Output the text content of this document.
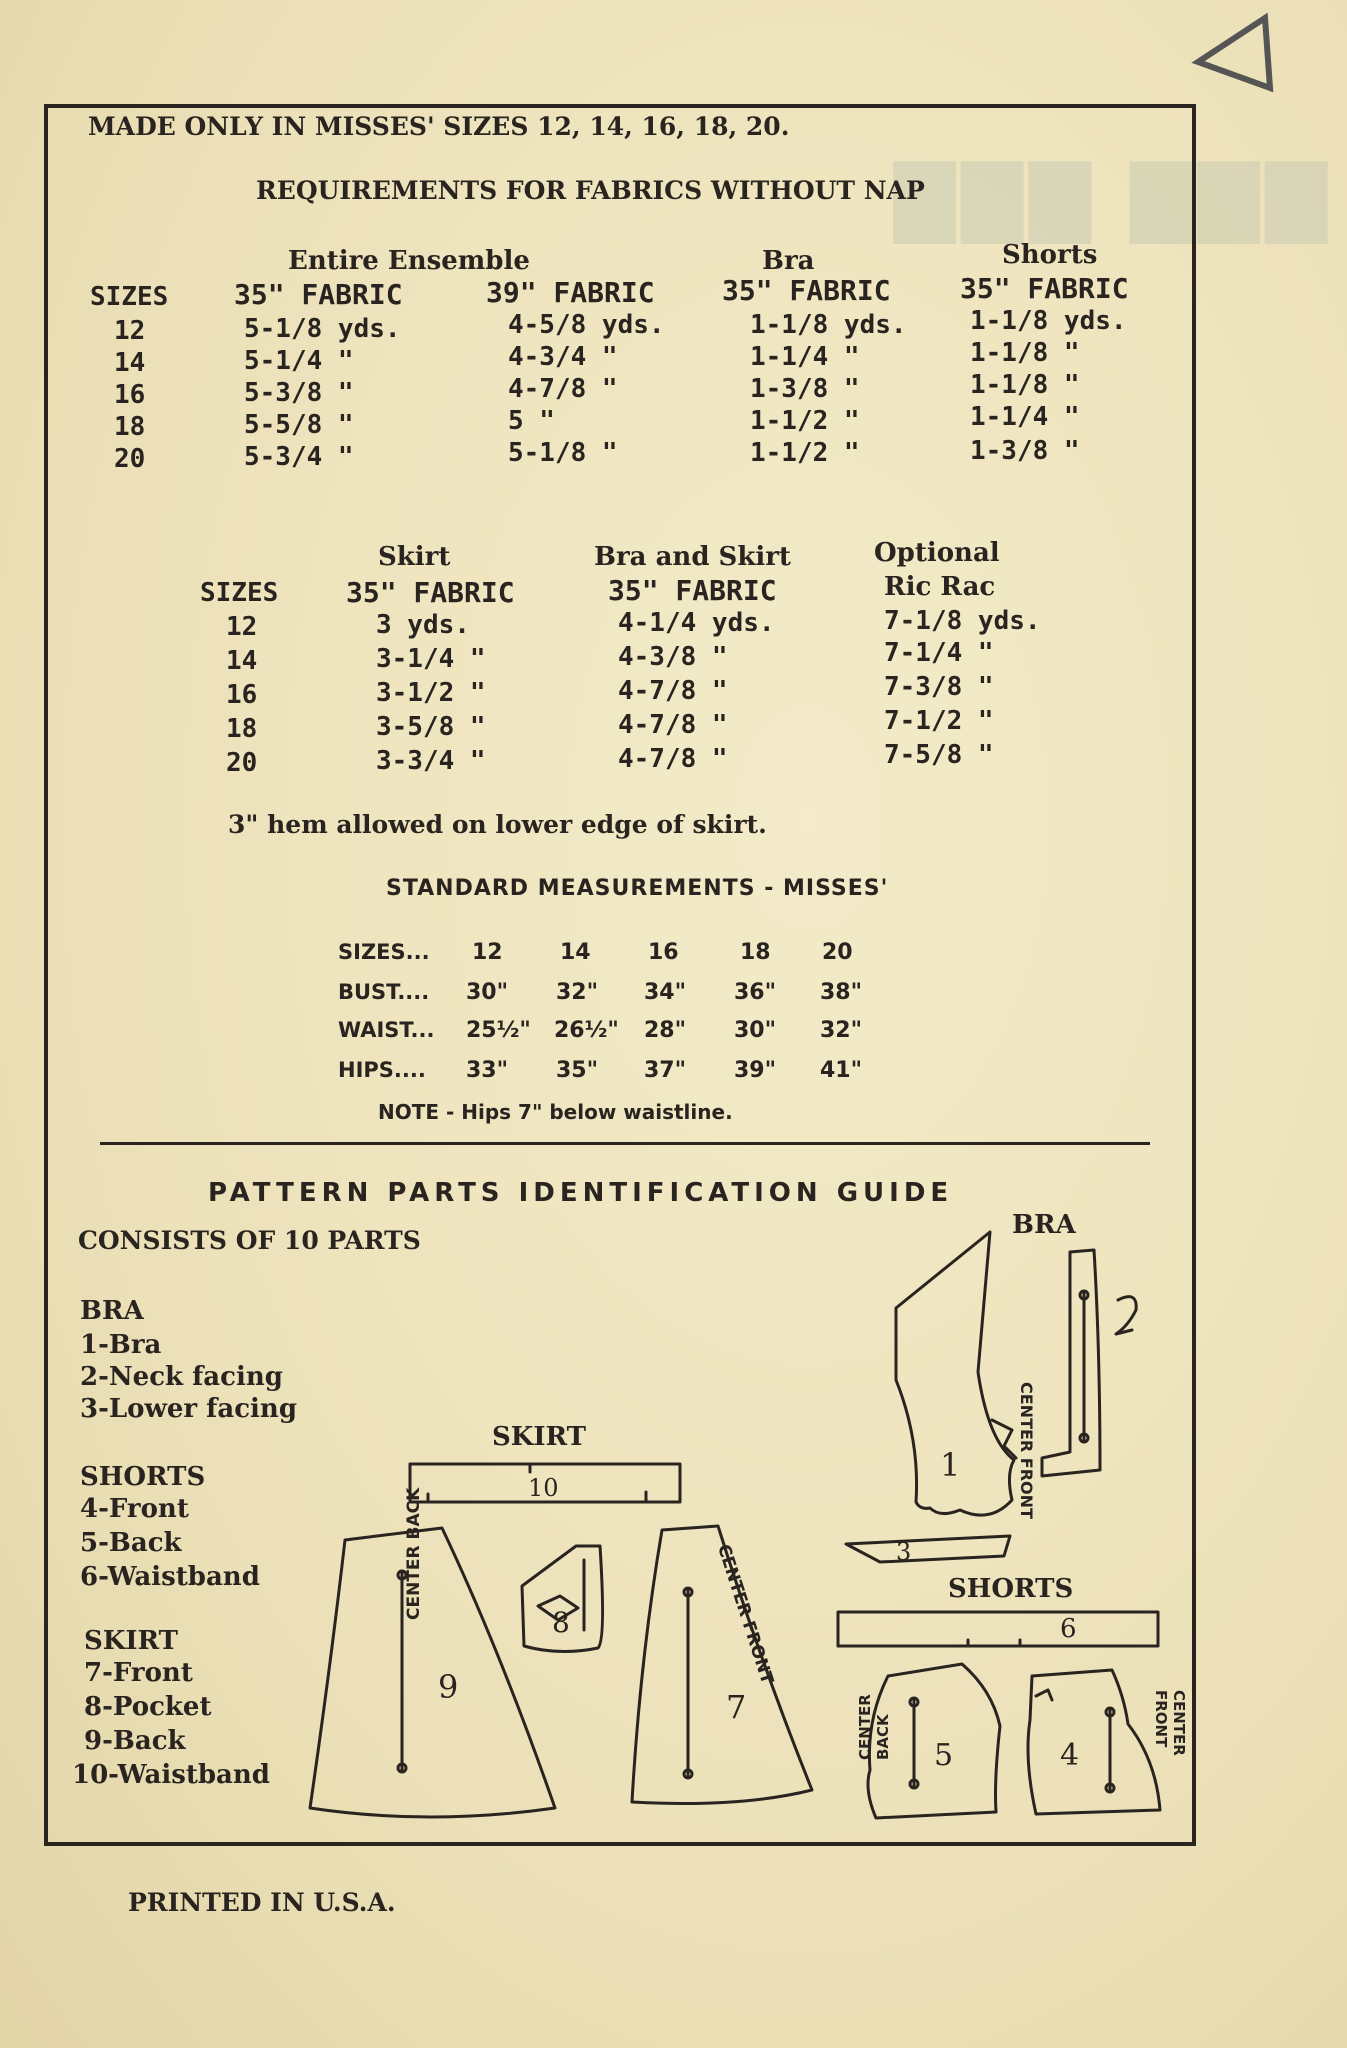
▇▇▇ ▇▇▇
MADE ONLY IN MISSES' SIZES 12, 14, 16, 18, 20.
REQUIREMENTS FOR FABRICS WITHOUT NAP
Entire Ensemble	Bra	Shorts
SIZES 35" FABRIC	39" FABRIC 35" FABRIC 35" FABRIC
12	5-1/8 yds.	4-5/8 yds.	1-1/8 yds. 1-1/8 yds.
14	5-1/4 "	4-3/4 "	1-1/4 "	1-1/8 "
16	5-3/8 "	4-7/8 "	1-3/8 "	1-1/8 "
18	5-5/8 "	5 "	1-1/2 "	1-1/4 "
20	5-3/4 "	5-1/8 "	1-1/2 "	1-3/8 "
Skirt	Bra and Skirt	Optional
SIZES 35" FABRIC	35" FABRIC	Ric Rac
12	3 yds.	4-1/4 yds.	7-1/8 yds.
14	3-1/4 "	4-3/8 "	7-1/4 "
16	3-1/2 "	4-7/8 "	7-3/8 "
18	3-5/8 "	4-7/8 "	7-1/2 "
20	3-3/4 "	4-7/8 "	7-5/8 "
3" hem allowed on lower edge of skirt.
STANDARD MEASUREMENTS - MISSES'
SIZES... 12	14	16	18 20
BUST.... 30" 32" 34" 36" 38"
WAIST... 25½" 26½" 28" 30" 32"
HIPS.... 33" 35" 37" 39" 41"
NOTE - Hips 7" below waistline.
PATTERN PARTS IDENTIFICATION GUIDE
CONSISTS OF 10 PARTS
BRA
1-Bra
2-Neck facing
3-Lower facing
SHORTS
4-Front
5-Back
6-Waistband
SKIRT
7-Front
8-Pocket
9-Back
10-Waistband
SKIRT
BRA
SHORTS
10
9
8
7
1
3
6
5	4
CENTER BACK	CENTER FRONT
CENTER FRONT
CENTER
BACK	CENTER
FRONT
PRINTED IN U.S.A.
